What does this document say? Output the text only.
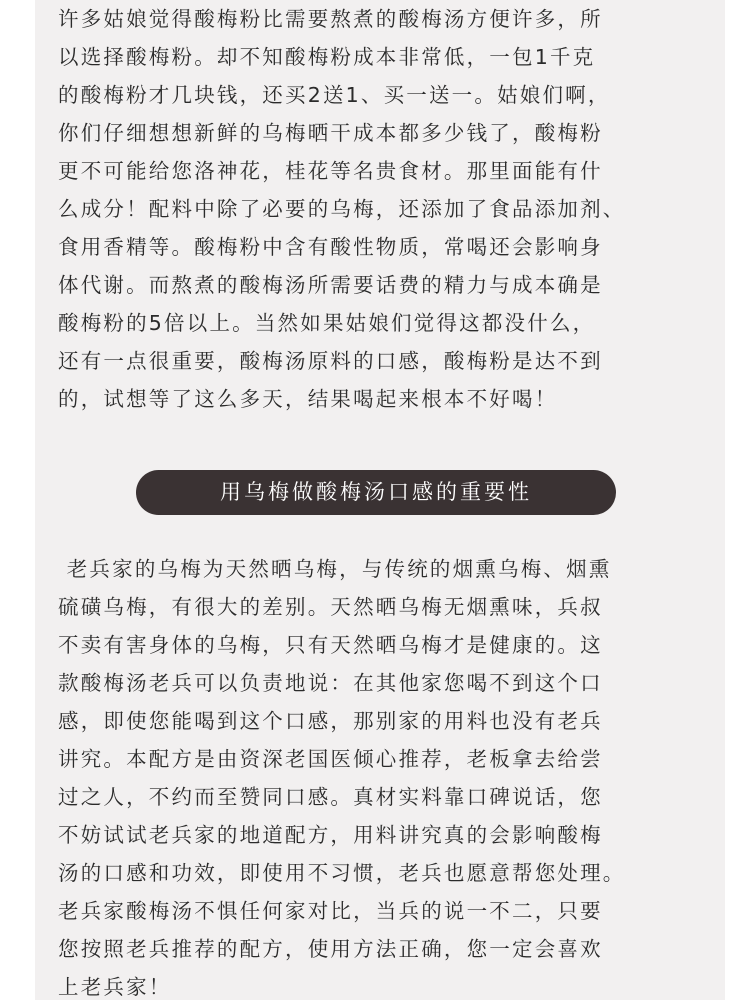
许多姑娘觉得酸梅粉比需要熬煮的酸梅汤方便许多，所
以选择酸梅粉。却不知酸梅粉成本非常低，一包1千克
的酸梅粉才几块钱，还买2送1、买一送一。姑娘们啊，
你们仔细想想新鲜的乌梅晒干成本都多少钱了，酸梅粉
更不可能给您洛神花，桂花等名贵食材。那里面能有什
么成分！配料中除了必要的乌梅，还添加了食品添加剂、
食用香精等。酸梅粉中含有酸性物质，常喝还会影响身
体代谢。而熬煮的酸梅汤所需要话费的精力与成本确是
酸梅粉的5倍以上。当然如果姑娘们觉得这都没什么，
还有一点很重要，酸梅汤原料的口感，酸梅粉是达不到
的，试想等了这么多天，结果喝起来根本不好喝！
用乌梅做酸梅汤口感的重要性
老兵家的乌梅为天然晒乌梅，与传统的烟熏乌梅、烟熏
硫磺乌梅，有很大的差别。天然晒乌梅无烟熏味，兵叔
不卖有害身体的乌梅，只有天然晒乌梅才是健康的。这
款酸梅汤老兵可以负责地说：在其他家您喝不到这个口
感，即使您能喝到这个口感，那别家的用料也没有老兵
讲究。本配方是由资深老国医倾心推荐，老板拿去给尝
过之人，不约而至赞同口感。真材实料靠口碑说话，您
不妨试试老兵家的地道配方，用料讲究真的会影响酸梅
汤的口感和功效，即使用不习惯，老兵也愿意帮您处理。
老兵家酸梅汤不惧任何家对比，当兵的说一不二，只要
您按照老兵推荐的配方，使用方法正确，您一定会喜欢
上老兵家！
